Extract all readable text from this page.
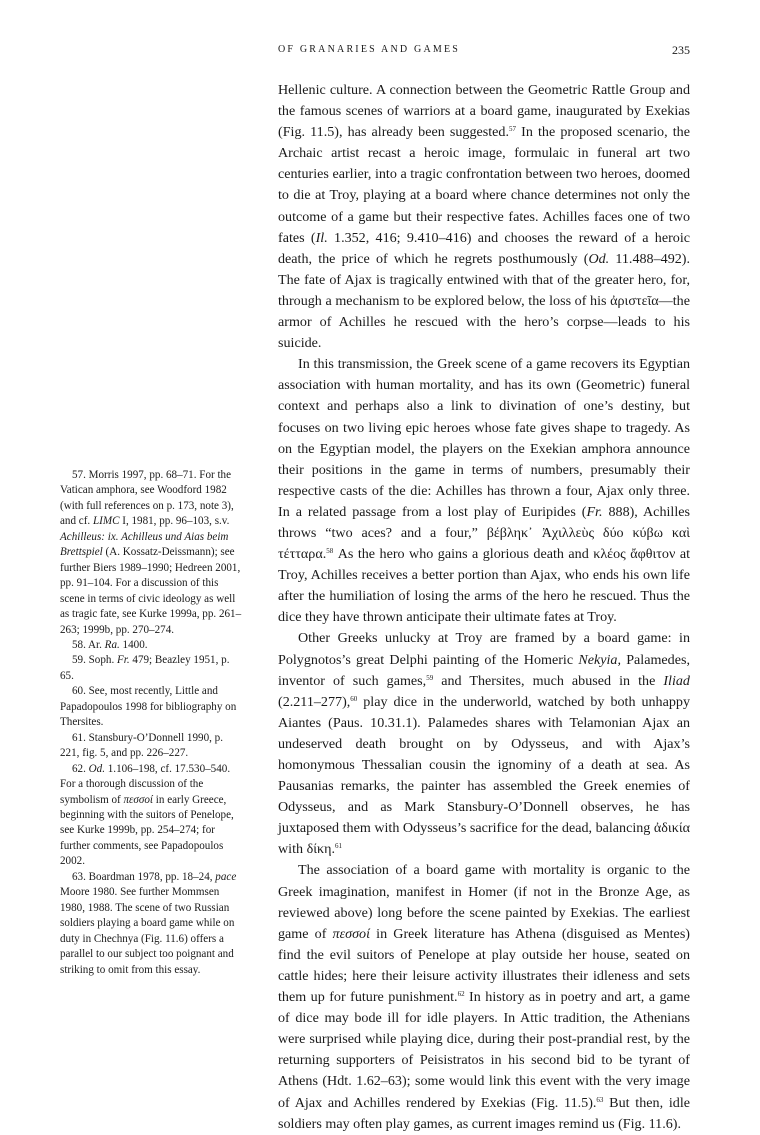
OF GRANARIES AND GAMES	235

Hellenic culture. A connection between the Geometric Rattle Group and the famous scenes of warriors at a board game, inaugurated by Exekias (Fig. 11.5), has already been suggested.$^{57}$ In the proposed scenario, the Archaic artist recast a heroic image, formulaic in funeral art two centuries earlier, into a tragic confrontation between two heroes, doomed to die at Troy, playing at a board where chance determines not only the outcome of a game but their respective fates. Achilles faces one of two fates (Il. 1.352, 416; 9.410–416) and chooses the reward of a heroic death, the price of which he regrets posthumously (Od. 11.488–492). The fate of Ajax is tragically entwined with that of the greater hero, for, through a mechanism to be explored below, the loss of his ἀριστεῖα—the armor of Achilles he rescued with the hero’s corpse—leads to his suicide.

In this transmission, the Greek scene of a game recovers its Egyptian association with human mortality, and has its own (Geometric) funeral context and perhaps also a link to divination of one’s destiny, but focuses on two living epic heroes whose fate gives shape to tragedy. As on the Egyptian model, the players on the Exekian amphora announce their positions in the game in terms of numbers, presumably their respective casts of the die: Achilles has thrown a four, Ajax only three. In a related passage from a lost play of Euripides (Fr. 888), Achilles throws “two aces? and a four,” βέβληκ᾽ Ἀχιλλεὺς δύο κύβω καὶ τέτταρα.$^{58}$ As the hero who gains a glorious death and κλέος ἄφθιτον at Troy, Achilles receives a better portion than Ajax, who ends his own life after the humiliation of losing the arms of the hero he rescued. Thus the dice they have thrown anticipate their ultimate fates at Troy.

Other Greeks unlucky at Troy are framed by a board game: in Polygnotos’s great Delphi painting of the Homeric Nekyia, Palamedes, inventor of such games,$^{59}$ and Thersites, much abused in the Iliad (2.211–277),$^{60}$ play dice in the underworld, watched by both unhappy Aiantes (Paus. 10.31.1). Palamedes shares with Telamonian Ajax an undeserved death brought on by Odysseus, and with Ajax’s homonymous Thessalian cousin the ignominy of a death at sea. As Pausanias remarks, the painter has assembled the Greek enemies of Odysseus, and as Mark Stansbury-O’Donnell observes, he has juxtaposed them with Odysseus’s sacrifice for the dead, balancing ἀδικία with δίκη.$^{61}$

The association of a board game with mortality is organic to the Greek imagination, manifest in Homer (if not in the Bronze Age, as reviewed above) long before the scene painted by Exekias. The earliest game of πεσσοί in Greek literature has Athena (disguised as Mentes) find the evil suitors of Penelope at play outside her house, seated on cattle hides; here their leisure activity illustrates their idleness and sets them up for future punishment.$^{62}$ In history as in poetry and art, a game of dice may bode ill for idle players. In Attic tradition, the Athenians were surprised while playing dice, during their post-prandial rest, by the returning supporters of Peisistratos in his second bid to be tyrant of Athens (Hdt. 1.62–63); some would link this event with the very image of Ajax and Achilles rendered by Exekias (Fig. 11.5).$^{63}$ But then, idle soldiers may often play games, as current images remind us (Fig. 11.6).

57. Morris 1997, pp. 68–71. For the Vatican amphora, see Woodford 1982 (with full references on p. 173, note 3), and cf. LIMC I, 1981, pp. 96–103, s.v. Achilleus: ix. Achilleus und Aias beim Brettspiel (A. Kossatz-Deissmann); see further Biers 1989–1990; Hedreen 2001, pp. 91–104. For a discussion of this scene in terms of civic ideology as well as tragic fate, see Kurke 1999a, pp. 261–263; 1999b, pp. 270–274.

58. Ar. Ra. 1400.

59. Soph. Fr. 479; Beazley 1951, p. 65.

60. See, most recently, Little and Papadopoulos 1998 for bibliography on Thersites.

61. Stansbury-O’Donnell 1990, p. 221, fig. 5, and pp. 226–227.

62. Od. 1.106–198, cf. 17.530–540. For a thorough discussion of the symbolism of πεσσοί in early Greece, beginning with the suitors of Penelope, see Kurke 1999b, pp. 254–274; for further comments, see Papadopoulos 2002.

63. Boardman 1978, pp. 18–24, pace Moore 1980. See further Mommsen 1980, 1988. The scene of two Russian soldiers playing a board game while on duty in Chechnya (Fig. 11.6) offers a parallel to our subject too poignant and striking to omit from this essay.
